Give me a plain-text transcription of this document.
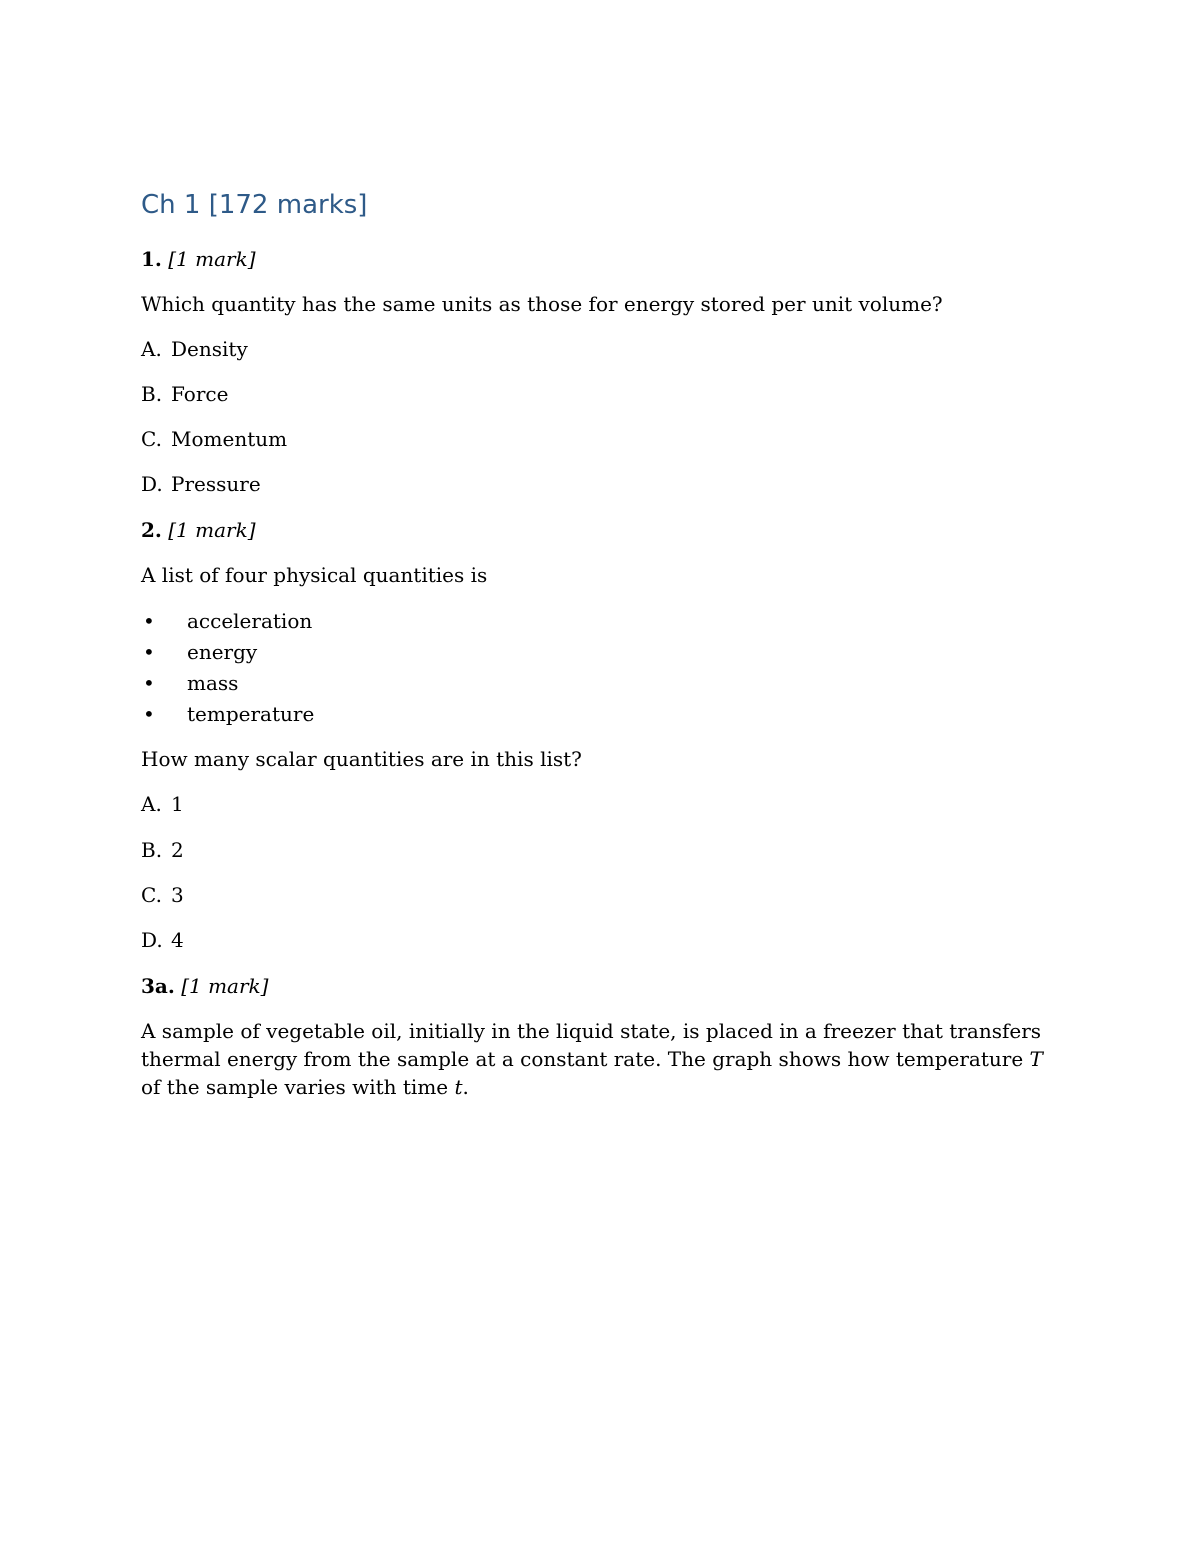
Ch 1 [172 marks]
1. [1 mark]
Which quantity has the same units as those for energy stored per unit volume?
A. Density
B. Force
C. Momentum
D. Pressure
2. [1 mark]
A list of four physical quantities is
• acceleration
• energy
• mass
• temperature
How many scalar quantities are in this list?
A. 1
B. 2
C. 3
D. 4
3a. [1 mark]
A sample of vegetable oil, initially in the liquid state, is placed in a freezer that transfers thermal energy from the sample at a constant rate. The graph shows how temperature T of the sample varies with time t.
